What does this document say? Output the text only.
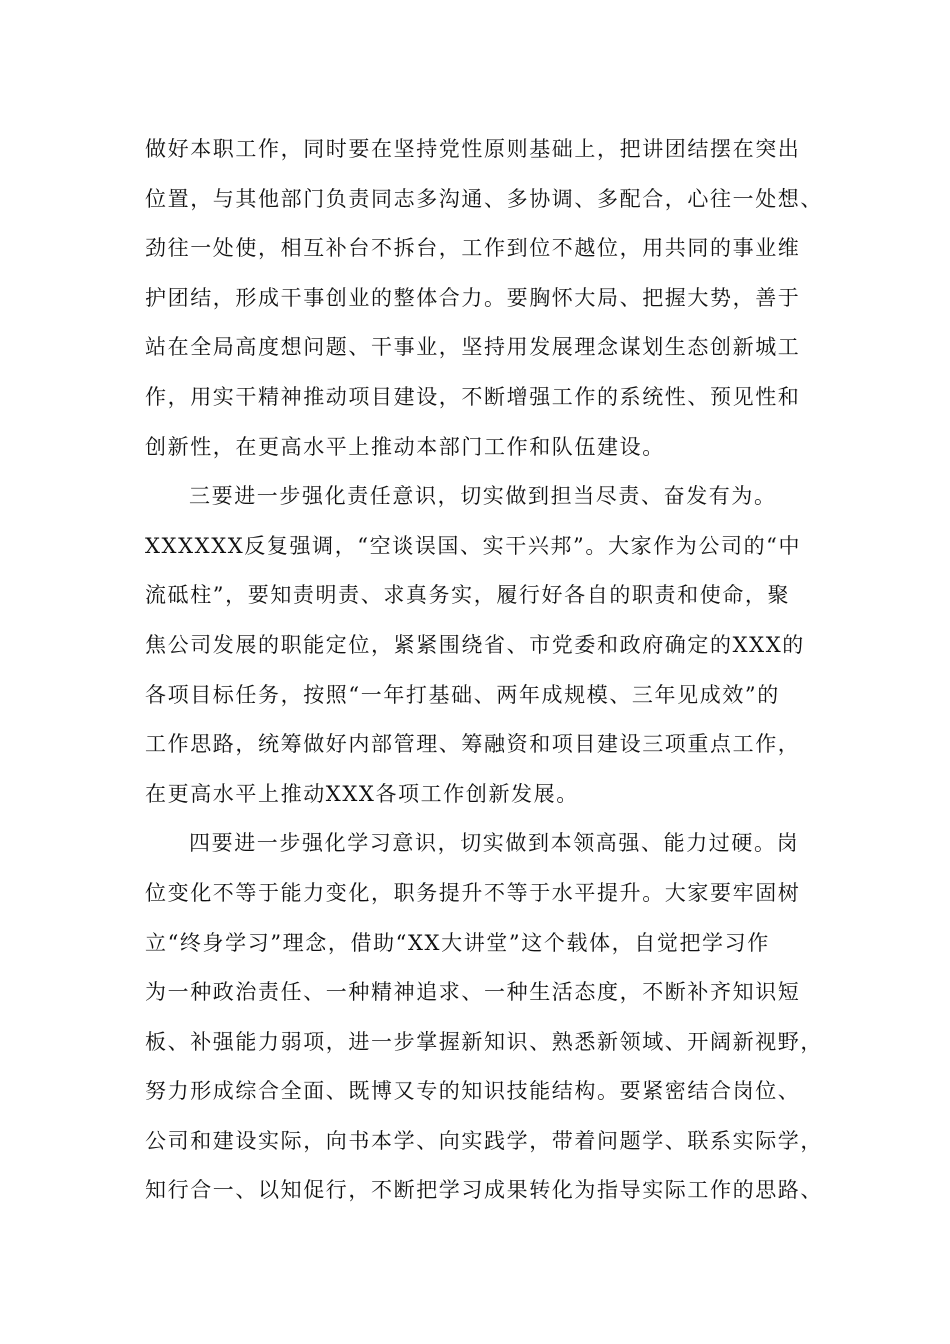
做好本职工作，同时要在坚持党性原则基础上，把讲团结摆在突出
位置，与其他部门负责同志多沟通、多协调、多配合，心往一处想、
劲往一处使，相互补台不拆台，工作到位不越位，用共同的事业维
护团结，形成干事创业的整体合力。要胸怀大局、把握大势，善于
站在全局高度想问题、干事业，坚持用发展理念谋划生态创新城工
作，用实干精神推动项目建设，不断增强工作的系统性、预见性和
创新性，在更高水平上推动本部门工作和队伍建设。
三要进一步强化责任意识，切实做到担当尽责、奋发有为。
XXXXXX反复强调，“空谈误国、实干兴邦”。大家作为公司的“中
流砥柱”，要知责明责、求真务实，履行好各自的职责和使命，聚
焦公司发展的职能定位，紧紧围绕省、市党委和政府确定的XXX的
各项目标任务，按照“一年打基础、两年成规模、三年见成效”的
工作思路，统筹做好内部管理、筹融资和项目建设三项重点工作，
在更高水平上推动XXX各项工作创新发展。
四要进一步强化学习意识，切实做到本领高强、能力过硬。岗
位变化不等于能力变化，职务提升不等于水平提升。大家要牢固树
立“终身学习”理念，借助“XX大讲堂”这个载体，自觉把学习作
为一种政治责任、一种精神追求、一种生活态度，不断补齐知识短
板、补强能力弱项，进一步掌握新知识、熟悉新领域、开阔新视野，
努力形成综合全面、既博又专的知识技能结构。要紧密结合岗位、
公司和建设实际，向书本学、向实践学，带着问题学、联系实际学，
知行合一、以知促行，不断把学习成果转化为指导实际工作的思路、
